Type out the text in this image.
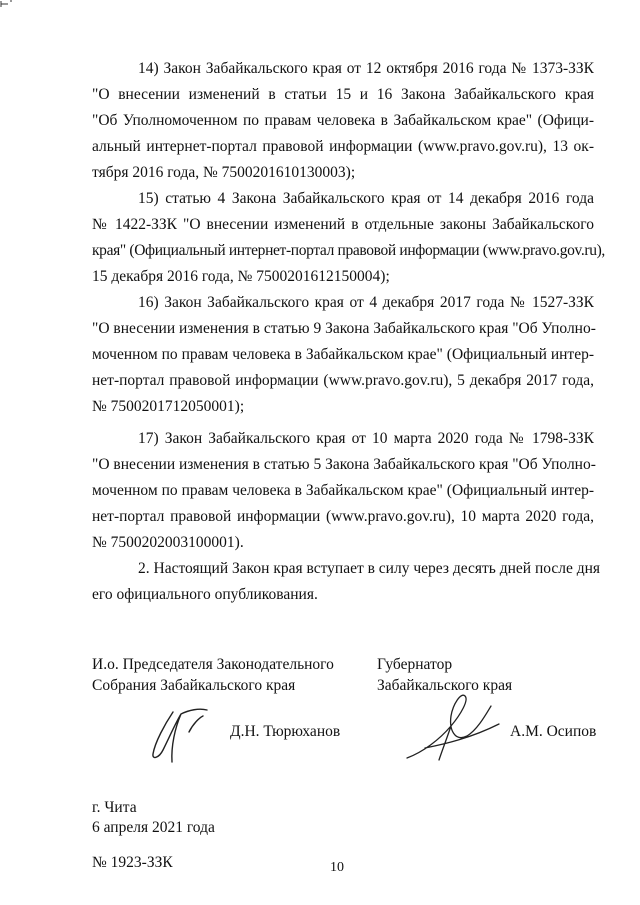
14) Закон Забайкальского края от 12 октября 2016 года № 1373-ЗЗК
"О внесении изменений в статьи 15 и 16 Закона Забайкальского края
"Об Уполномоченном по правам человека в Забайкальском крае" (Офици-
альный интернет-портал правовой информации (www.pravo.gov.ru), 13 ок-
тября 2016 года, № 7500201610130003);
15) статью 4 Закона Забайкальского края от 14 декабря 2016 года
№ 1422-ЗЗК "О внесении изменений в отдельные законы Забайкальского
края" (Официальный интернет-портал правовой информации (www.pravo.gov.ru),
15 декабря 2016 года, № 7500201612150004);
16) Закон Забайкальского края от 4 декабря 2017 года № 1527-ЗЗК
"О внесении изменения в статью 9 Закона Забайкальского края "Об Уполно-
моченном по правам человека в Забайкальском крае" (Официальный интер-
нет-портал правовой информации (www.pravo.gov.ru), 5 декабря 2017 года,
№ 7500201712050001);
17) Закон Забайкальского края от 10 марта 2020 года № 1798-ЗЗК
"О внесении изменения в статью 5 Закона Забайкальского края "Об Уполно-
моченном по правам человека в Забайкальском крае" (Официальный интер-
нет-портал правовой информации (www.pravo.gov.ru), 10 марта 2020 года,
№ 7500202003100001).
2. Настоящий Закон края вступает в силу через десять дней после дня
его официального опубликования.
И.о. Председателя Законодательного
Собрания Забайкальского края
Губернатор
Забайкальского края
Д.Н. Тюрюханов	А.М. Осипов
г. Чита
6 апреля 2021 года
№ 1923-ЗЗК	10
